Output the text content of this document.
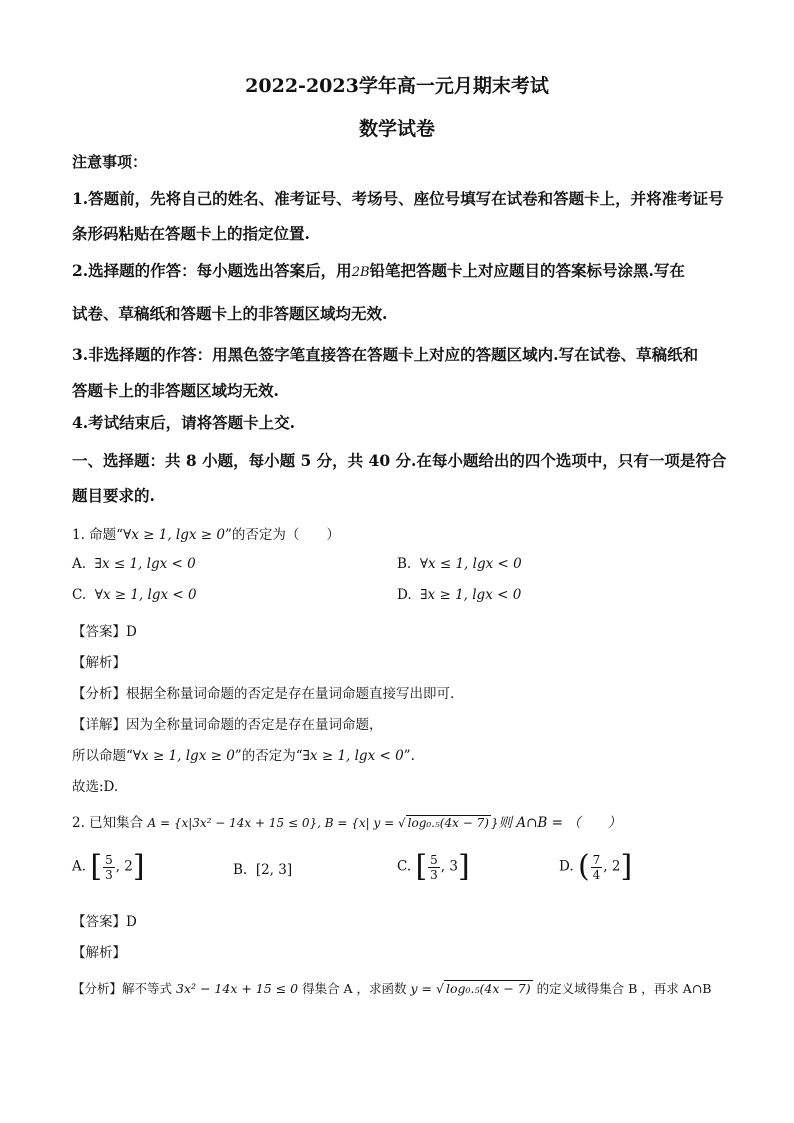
2022-2023学年高一元月期末考试
数学试卷
注意事项：
1.答题前，先将自己的姓名、准考证号、考场号、座位号填写在试卷和答题卡上，并将准考证号
条形码粘贴在答题卡上的指定位置.
2.选择题的作答：每小题选出答案后，用2B铅笔把答题卡上对应题目的答案标号涂黑.写在
试卷、草稿纸和答题卡上的非答题区域均无效.
3.非选择题的作答：用黑色签字笔直接答在答题卡上对应的答题区域内.写在试卷、草稿纸和
答题卡上的非答题区域均无效.
4.考试结束后，请将答题卡上交.
一、选择题：共 8 小题，每小题 5 分，共 40 分.在每小题给出的四个选项中，只有一项是符合
题目要求的.
1. 命题“∀x ≥ 1, lgx ≥ 0”的否定为（　　）
A. ∃x ≤ 1, lgx < 0	B. ∀x ≤ 1, lgx < 0
C. ∀x ≥ 1, lgx < 0	D. ∃x ≥ 1, lgx < 0
【答案】D
【解析】
【分析】根据全称量词命题的否定是存在量词命题直接写出即可.
【详解】因为全称量词命题的否定是存在量词命题，
所以命题“∀x ≥ 1, lgx ≥ 0”的否定为“∃x ≥ 1, lgx < 0”.
故选:D.
2. 已知集合 A = {x|3x² − 14x + 15 ≤ 0}, B = {x| y = √ log₀.₅(4x − 7) }则 A∩B = （　　）
A. [ $\frac{5}{3}$ , 2]	B. [2, 3]	C. [ $\frac{5}{3}$ , 3]	D. ( $\frac{7}{4}$ , 2]
【答案】D
【解析】
【分析】解不等式 3x² − 14x + 15 ≤ 0 得集合 A ，求函数 y = √ log₀.₅(4x − 7) 的定义域得集合 B ，再求 A∩B
